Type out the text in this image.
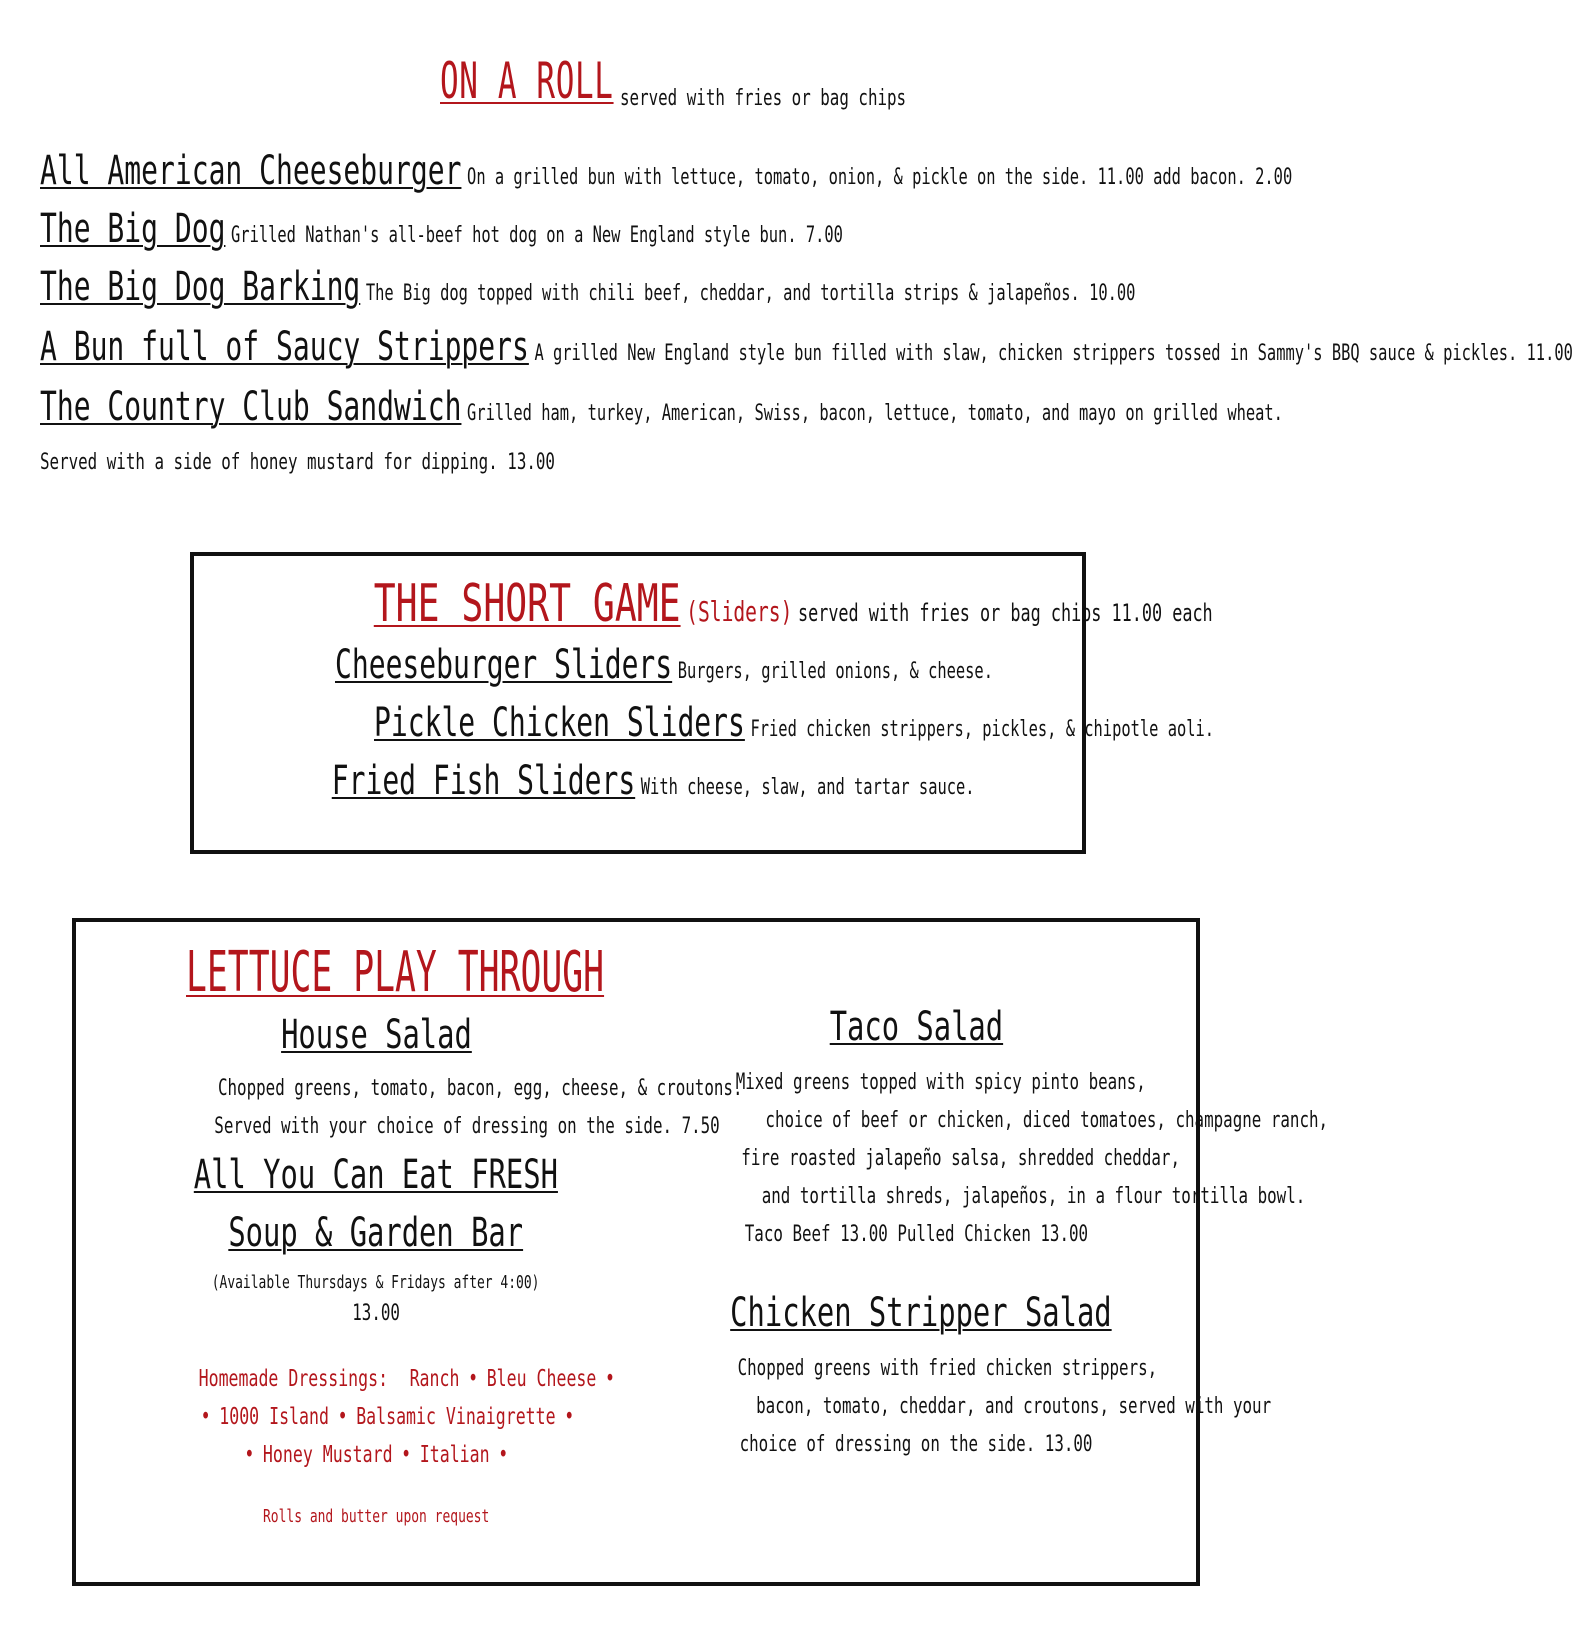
ON A ROLL served with fries or bag chips
All American Cheeseburger On a grilled bun with lettuce, tomato, onion, & pickle on the side. 11.00 add bacon. 2.00
The Big Dog Grilled Nathan's all-beef hot dog on a New England style bun. 7.00
The Big Dog Barking The Big dog topped with chili beef, cheddar, and tortilla strips & jalapeños. 10.00
A Bun full of Saucy Strippers A grilled New England style bun filled with slaw, chicken strippers tossed in Sammy's BBQ sauce & pickles. 11.00
The Country Club Sandwich Grilled ham, turkey, American, Swiss, bacon, lettuce, tomato, and mayo on grilled wheat.
Served with a side of honey mustard for dipping. 13.00
THE SHORT GAME (Sliders) served with fries or bag chips 11.00 each
Cheeseburger Sliders Burgers, grilled onions, & cheese.
Pickle Chicken Sliders Fried chicken strippers, pickles, & chipotle aoli.
Fried Fish Sliders With cheese, slaw, and tartar sauce.
LETTUCE PLAY THROUGH
House Salad
Chopped greens, tomato, bacon, egg, cheese, & croutons.
Served with your choice of dressing on the side. 7.50
All You Can Eat FRESH
Soup & Garden Bar
(Available Thursdays & Fridays after 4:00)
13.00
Homemade Dressings: Ranch • Bleu Cheese •
• 1000 Island • Balsamic Vinaigrette •
• Honey Mustard • Italian •
Rolls and butter upon request
Taco Salad
Mixed greens topped with spicy pinto beans,
choice of beef or chicken, diced tomatoes, champagne ranch,
fire roasted jalapeño salsa, shredded cheddar,
and tortilla shreds, jalapeños, in a flour tortilla bowl.
Taco Beef 13.00 Pulled Chicken 13.00
Chicken Stripper Salad
Chopped greens with fried chicken strippers,
bacon, tomato, cheddar, and croutons, served with your
choice of dressing on the side. 13.00
